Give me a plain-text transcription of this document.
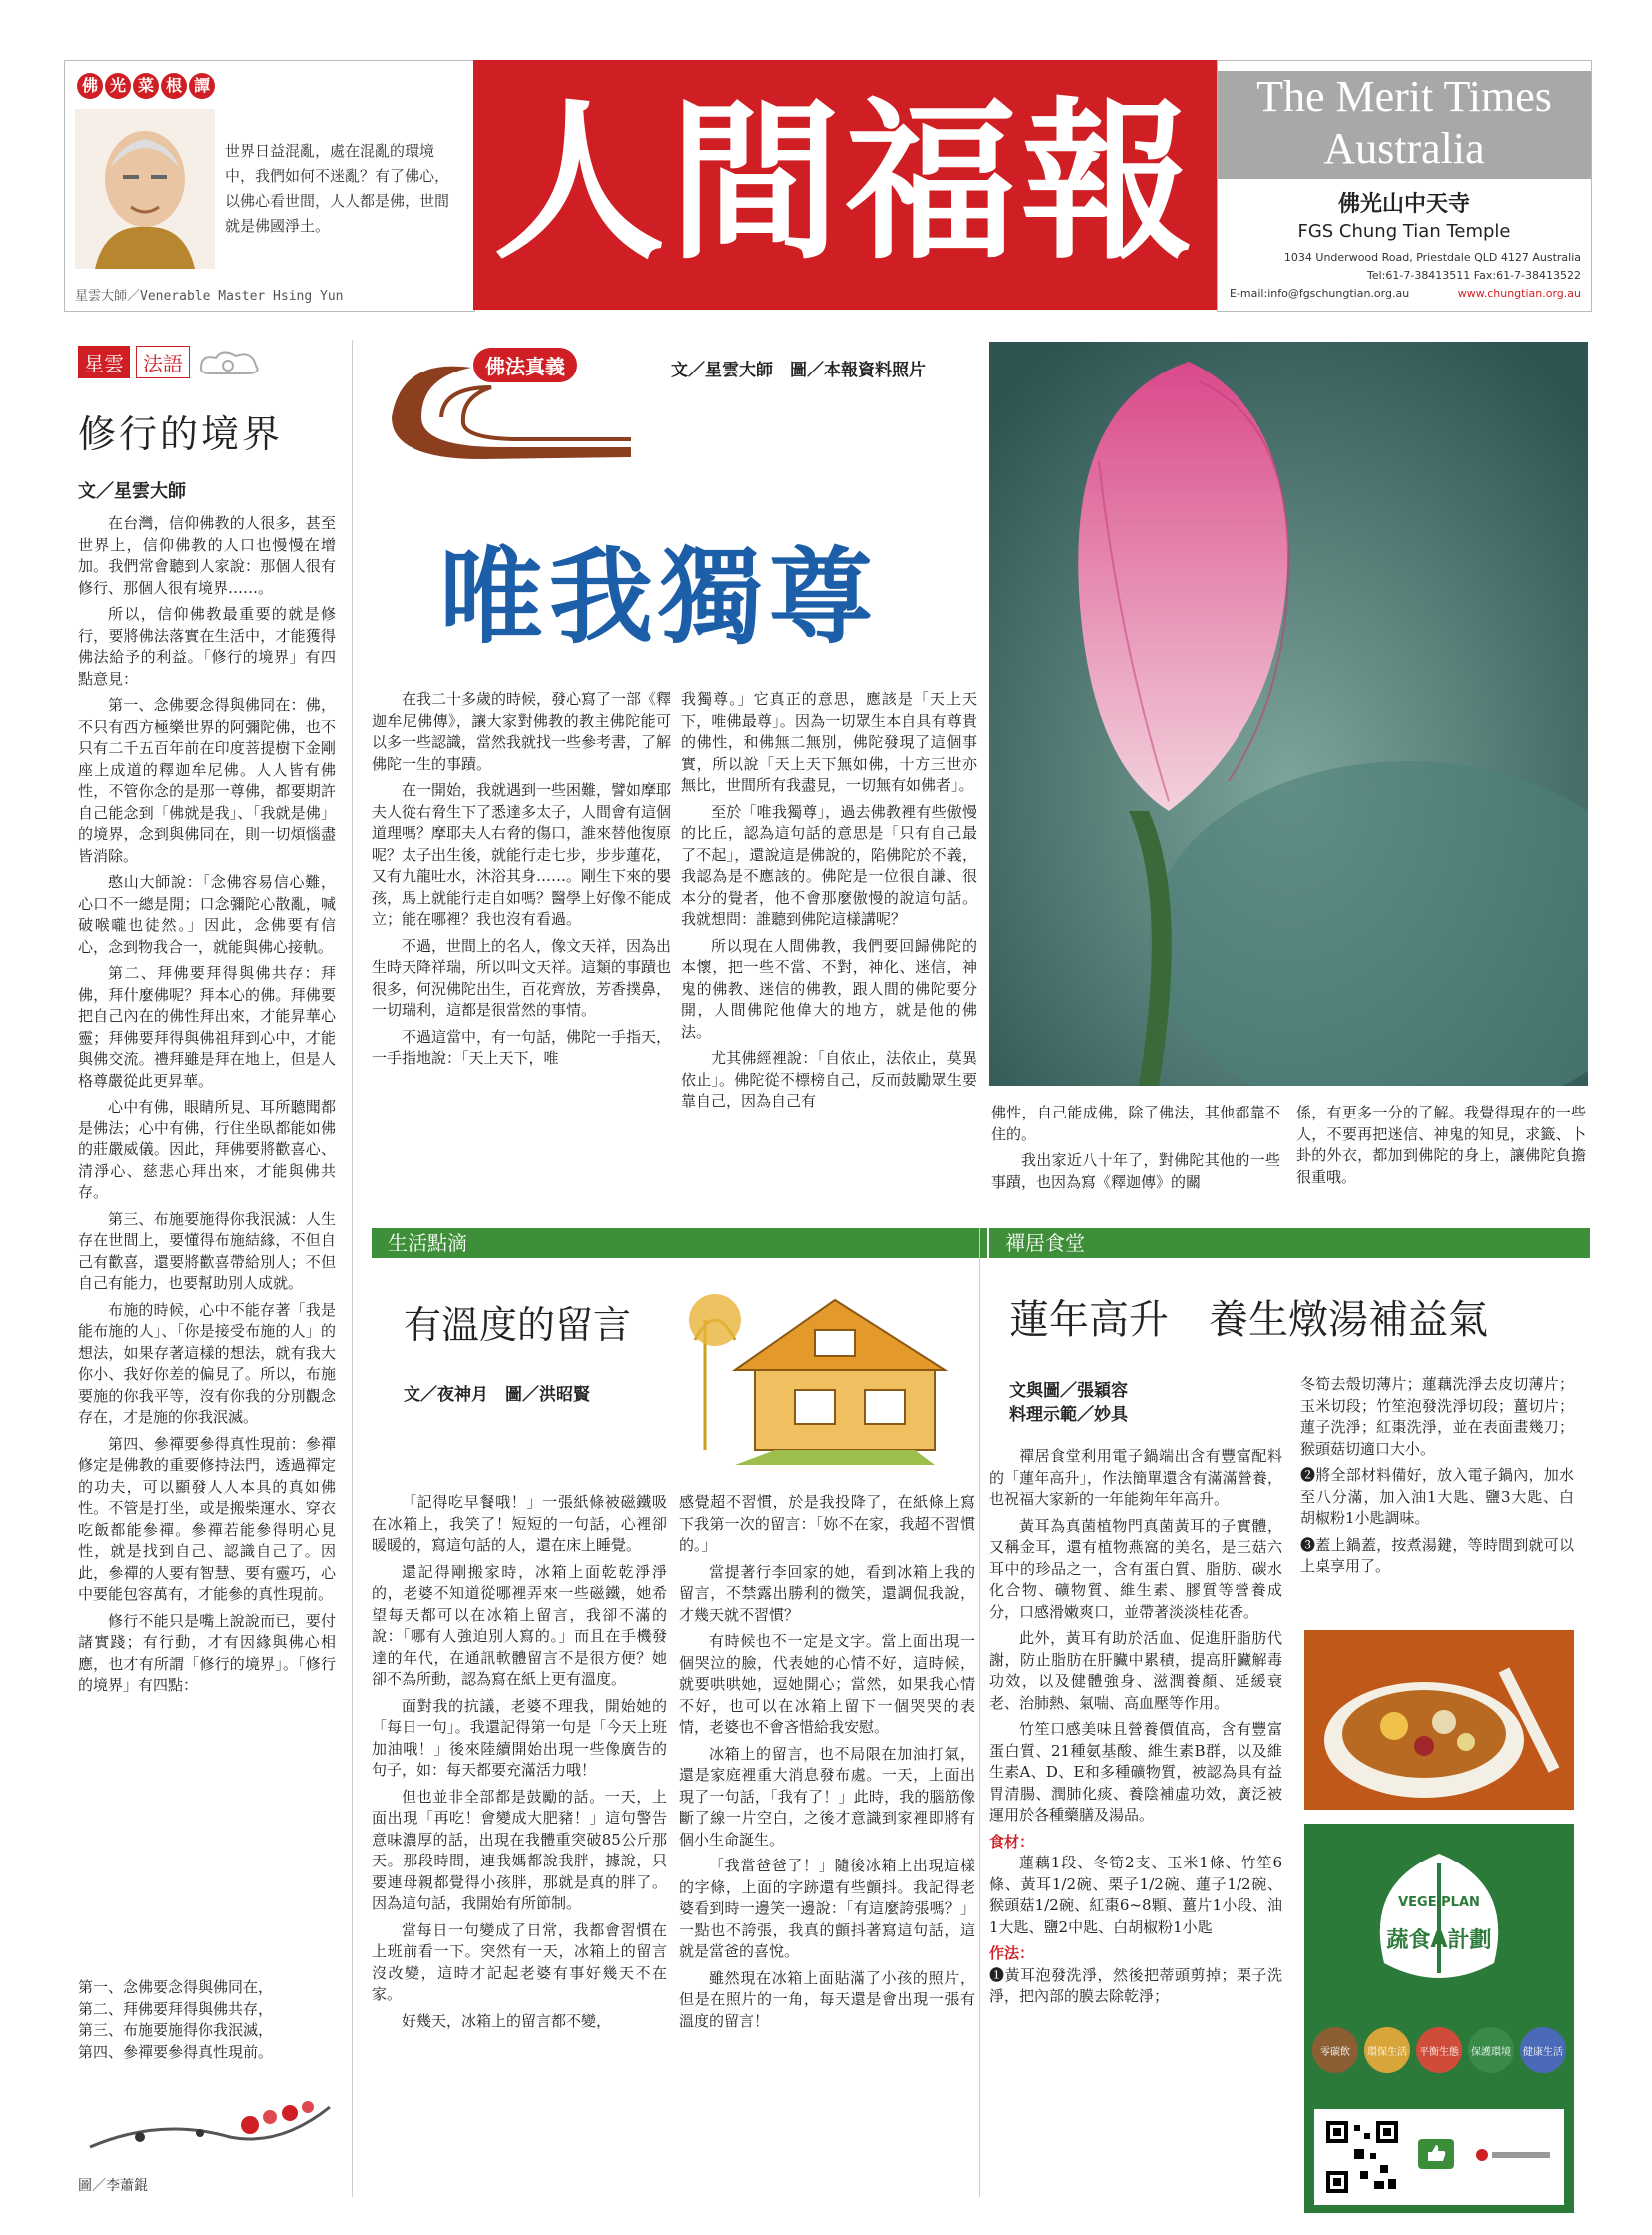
佛 光 菜 根 譚
世界日益混亂，處在混亂的環境中，我們如何不迷亂？有了佛心，以佛心看世間，人人都是佛，世間就是佛國淨土。
星雲大師／Venerable Master Hsing Yun
人間福報	The Merit Times
Australia
佛光山中天寺
FGS Chung Tian Temple
1034 Underwood Road, Priestdale QLD 4127 Australia
Tel:61-7-38413511 Fax:61-7-38413522
E-mail:info@fgschungtian.org.au	www.chungtian.org.au
星雲 法語
修行的境界
文／星雲大師

在台灣，信仰佛教的人很多，甚至世界上，信仰佛教的人口也慢慢在增加。我們常會聽到人家說：那個人很有修行、那個人很有境界……。

所以，信仰佛教最重要的就是修行，要將佛法落實在生活中，才能獲得佛法給予的利益。「修行的境界」有四點意見：

第一、念佛要念得與佛同在：佛，不只有西方極樂世界的阿彌陀佛，也不只有二千五百年前在印度菩提樹下金剛座上成道的釋迦牟尼佛。人人皆有佛性，不管你念的是那一尊佛，都要期許自己能念到「佛就是我」、「我就是佛」的境界，念到與佛同在，則一切煩惱盡皆消除。

憨山大師說：「念佛容易信心難，心口不一總是閒；口念彌陀心散亂，喊破喉嚨也徒然。」因此，念佛要有信心，念到物我合一，就能與佛心接軌。

第二、拜佛要拜得與佛共存：拜佛，拜什麼佛呢？拜本心的佛。拜佛要把自己內在的佛性拜出來，才能昇華心靈；拜佛要拜得與佛祖拜到心中，才能與佛交流。禮拜雖是拜在地上，但是人格尊嚴從此更昇華。

心中有佛，眼睛所見、耳所聽聞都是佛法；心中有佛，行住坐臥都能如佛的莊嚴威儀。因此，拜佛要將歡喜心、清淨心、慈悲心拜出來，才能與佛共存。

第三、布施要施得你我泯滅：人生存在世間上，要懂得布施結緣，不但自己有歡喜，還要將歡喜帶給別人；不但自己有能力，也要幫助別人成就。

布施的時候，心中不能存著「我是能布施的人」、「你是接受布施的人」的想法，如果存著這樣的想法，就有我大你小、我好你差的偏見了。所以，布施要施的你我平等，沒有你我的分別觀念存在，才是施的你我泯滅。

第四、參禪要參得真性現前：參禪修定是佛教的重要修持法門，透過禪定的功夫，可以顯發人人本具的真如佛性。不管是打坐，或是搬柴運水、穿衣吃飯都能參禪。參禪若能參得明心見性，就是找到自己、認識自己了。因此，參禪的人要有智慧、要有靈巧，心中要能包容萬有，才能參的真性現前。

修行不能只是嘴上說說而已，要付諸實踐；有行動，才有因緣與佛心相應，也才有所謂「修行的境界」。「修行的境界」有四點：

第一、念佛要念得與佛同在，
第二、拜佛要拜得與佛共存，
第三、布施要施得你我泯滅，
第四、參禪要參得真性現前。
圖／李蕭錕
佛法真義	文／星雲大師　圖／本報資料照片
唯我獨尊

在我二十多歲的時候，發心寫了一部《釋迦牟尼佛傳》，讓大家對佛教的教主佛陀能可以多一些認識，當然我就找一些參考書，了解佛陀一生的事蹟。

在一開始，我就遇到一些困難，譬如摩耶夫人從右脅生下了悉達多太子，人間會有這個道理嗎？摩耶夫人右脅的傷口，誰來替他復原呢？太子出生後，就能行走七步，步步蓮花，又有九龍吐水，沐浴其身……。剛生下來的嬰孩，馬上就能行走自如嗎？醫學上好像不能成立；能在哪裡？我也沒有看過。

不過，世間上的名人，像文天祥，因為出生時天降祥瑞，所以叫文天祥。這類的事蹟也很多，何況佛陀出生，百花齊放，芳香撲鼻，一切瑞利，這都是很當然的事情。

不過這當中，有一句話，佛陀一手指天，一手指地說：「天上天下，唯

我獨尊。」它真正的意思，應該是「天上天下，唯佛最尊」。因為一切眾生本自具有尊貴的佛性，和佛無二無別，佛陀發現了這個事實，所以說「天上天下無如佛，十方三世亦無比，世間所有我盡見，一切無有如佛者」。

至於「唯我獨尊」，過去佛教裡有些傲慢的比丘，認為這句話的意思是「只有自己最了不起」，還說這是佛說的，陷佛陀於不義，我認為是不應該的。佛陀是一位很自謙、很本分的覺者，他不會那麼傲慢的說這句話。我就想問：誰聽到佛陀這樣講呢？

所以現在人間佛教，我們要回歸佛陀的本懷，把一些不當、不對，神化、迷信，神鬼的佛教、迷信的佛教，跟人間的佛陀要分開，人間佛陀他偉大的地方，就是他的佛法。

尤其佛經裡說：「自依止，法依止，莫異依止」。佛陀從不標榜自己，反而鼓勵眾生要靠自己，因為自己有

佛性，自己能成佛，除了佛法，其他都靠不住的。

我出家近八十年了，對佛陀其他的一些事蹟，也因為寫《釋迦傳》的關

係，有更多一分的了解。我覺得現在的一些人，不要再把迷信、神鬼的知見，求籤、卜卦的外衣，都加到佛陀的身上，讓佛陀負擔很重哦。

生活點滴
有溫度的留言
文／夜神月　圖／洪昭賢

「記得吃早餐哦！」一張紙條被磁鐵吸在冰箱上，我笑了！短短的一句話，心裡卻暖暖的，寫這句話的人，還在床上睡覺。

還記得剛搬家時，冰箱上面乾乾淨淨的，老婆不知道從哪裡弄來一些磁鐵，她希望每天都可以在冰箱上留言，我卻不滿的說：「哪有人強迫別人寫的。」而且在手機發達的年代，在通訊軟體留言不是很方便？她卻不為所動，認為寫在紙上更有溫度。

面對我的抗議，老婆不理我，開始她的「每日一句」。我還記得第一句是「今天上班加油哦！」後來陸續開始出現一些像廣告的句子，如：每天都要充滿活力哦！

但也並非全部都是鼓勵的話。一天，上面出現「再吃！會變成大肥豬！」這句警告意味濃厚的話，出現在我體重突破85公斤那天。那段時間，連我媽都說我胖，據說，只要連母親都覺得小孩胖，那就是真的胖了。因為這句話，我開始有所節制。

當每日一句變成了日常，我都會習慣在上班前看一下。突然有一天，冰箱上的留言沒改變，這時才記起老婆有事好幾天不在家。

好幾天，冰箱上的留言都不變，

感覺超不習慣，於是我投降了，在紙條上寫下我第一次的留言：「妳不在家，我超不習慣的。」

當提著行李回家的她，看到冰箱上我的留言，不禁露出勝利的微笑，還調侃我說，才幾天就不習慣？

有時候也不一定是文字。當上面出現一個哭泣的臉，代表她的心情不好，這時候，就要哄哄她，逗她開心；當然，如果我心情不好，也可以在冰箱上留下一個哭哭的表情，老婆也不會吝惜給我安慰。

冰箱上的留言，也不局限在加油打氣，還是家庭裡重大消息發布處。一天，上面出現了一句話，「我有了！」此時，我的腦筋像斷了線一片空白，之後才意識到家裡即將有個小生命誕生。

「我當爸爸了！」隨後冰箱上出現這樣的字條，上面的字跡還有些顫抖。我記得老婆看到時一邊笑一邊說：「有這麼誇張嗎？」一點也不誇張，我真的顫抖著寫這句話，這就是當爸的喜悅。

雖然現在冰箱上面貼滿了小孩的照片，但是在照片的一角，每天還是會出現一張有溫度的留言！

禪居食堂
蓮年高升　養生燉湯補益氣
文與圖／張穎容
料理示範／妙具

禪居食堂利用電子鍋端出含有豐富配料的「蓮年高升」，作法簡單還含有滿滿營養，也祝福大家新的一年能夠年年高升。

黃耳為真菌植物門真菌黃耳的子實體，又稱金耳，還有植物燕窩的美名，是三菇六耳中的珍品之一，含有蛋白質、脂肪、碳水化合物、礦物質、維生素、膠質等營養成分，口感滑嫩爽口，並帶著淡淡桂花香。

此外，黃耳有助於活血、促進肝脂肪代謝，防止脂肪在肝臟中累積，提高肝臟解毒功效，以及健體強身、滋潤養顏、延緩衰老、治肺熱、氣喘、高血壓等作用。

竹笙口感美味且營養價值高，含有豐富蛋白質、21種氨基酸、維生素B群，以及維生素A、D、E和多種礦物質，被認為具有益胃清腸、潤肺化痰、養陰補虛功效，廣泛被運用於各種藥膳及湯品。

食材：

蓮藕1段、冬筍2支、玉米1條、竹笙6條、黃耳1/2碗、栗子1/2碗、蓮子1/2碗、猴頭菇1/2碗、紅棗6~8顆、薑片1小段、油1大匙、鹽2中匙、白胡椒粉1小匙

作法：

❶黃耳泡發洗淨，然後把蒂頭剪掉；栗子洗淨，把內部的膜去除乾淨；

冬筍去殼切薄片；蓮藕洗淨去皮切薄片；玉米切段；竹笙泡發洗淨切段；薑切片；蓮子洗淨；紅棗洗淨，並在表面畫幾刀；猴頭菇切適口大小。

❷將全部材料備好，放入電子鍋內，加水至八分滿，加入油1大匙、鹽3大匙、白胡椒粉1小匙調味。

❸蓋上鍋蓋，按煮湯鍵，等時間到就可以上桌享用了。

VEGE PLAN
蔬食A計劃
零碳飲	環保生活	平衡生態	保護環境	健康生活
